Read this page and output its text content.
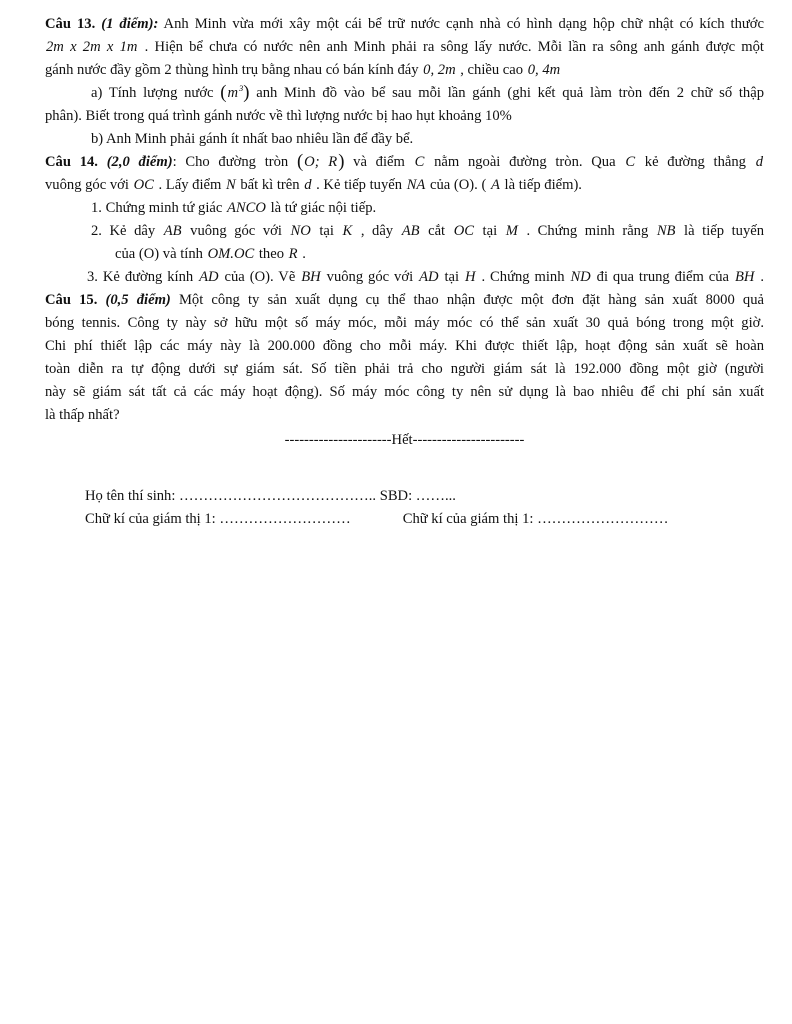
Câu 13. (1 điểm): Anh Minh vừa mới xây một cái bể trữ nước cạnh nhà có hình dạng hộp chữ nhật có kích thước
2m x 2m x 1m . Hiện bể chưa có nước nên anh Minh phải ra sông lấy nước. Mỗi lần ra sông anh gánh được một
gánh nước đầy gồm 2 thùng hình trụ bằng nhau có bán kính đáy 0, 2m , chiều cao 0, 4m
a) Tính lượng nước $(m^3)$ anh Minh đồ vào bể sau mỗi lần gánh (ghi kết quả làm tròn đến 2 chữ số thập
phân). Biết trong quá trình gánh nước về thì lượng nước bị hao hụt khoảng 10%
b) Anh Minh phải gánh ít nhất bao nhiêu lần để đầy bể.
Câu 14. (2,0 điểm): Cho đường tròn (O; R) và điểm C nằm ngoài đường tròn. Qua C kẻ đường thẳng d
vuông góc với OC . Lấy điểm N bất kì trên d . Kẻ tiếp tuyến NA của (O). ( A là tiếp điểm).
1. Chứng minh tứ giác ANCO là tứ giác nội tiếp.
2. Kẻ dây AB vuông góc với NO tại K , dây AB cắt OC tại M . Chứng minh rằng NB là tiếp tuyến
của (O) và tính OM.OC theo R .
3. Kẻ đường kính AD của (O). Vẽ BH vuông góc với AD tại H . Chứng minh ND đi qua trung điểm của BH .
Câu 15. (0,5 điểm) Một công ty sản xuất dụng cụ thể thao nhận được một đơn đặt hàng sản xuất 8000 quả
bóng tennis. Công ty này sở hữu một số máy móc, mỗi máy móc có thể sản xuất 30 quả bóng trong một giờ.
Chi phí thiết lập các máy này là 200.000 đồng cho mỗi máy. Khi được thiết lập, hoạt động sản xuất sẽ hoàn
toàn diễn ra tự động dưới sự giám sát. Số tiền phải trả cho người giám sát là 192.000 đồng một giờ (người
này sẽ giám sát tất cả các máy hoạt động). Số máy móc công ty nên sử dụng là bao nhiêu để chi phí sản xuất
là thấp nhất?
----------------------Hết-----------------------
Họ tên thí sinh: ………………………………….. SBD: ……...
Chữ kí của giám thị 1: ………………………	Chữ kí của giám thị 1: ………………………
